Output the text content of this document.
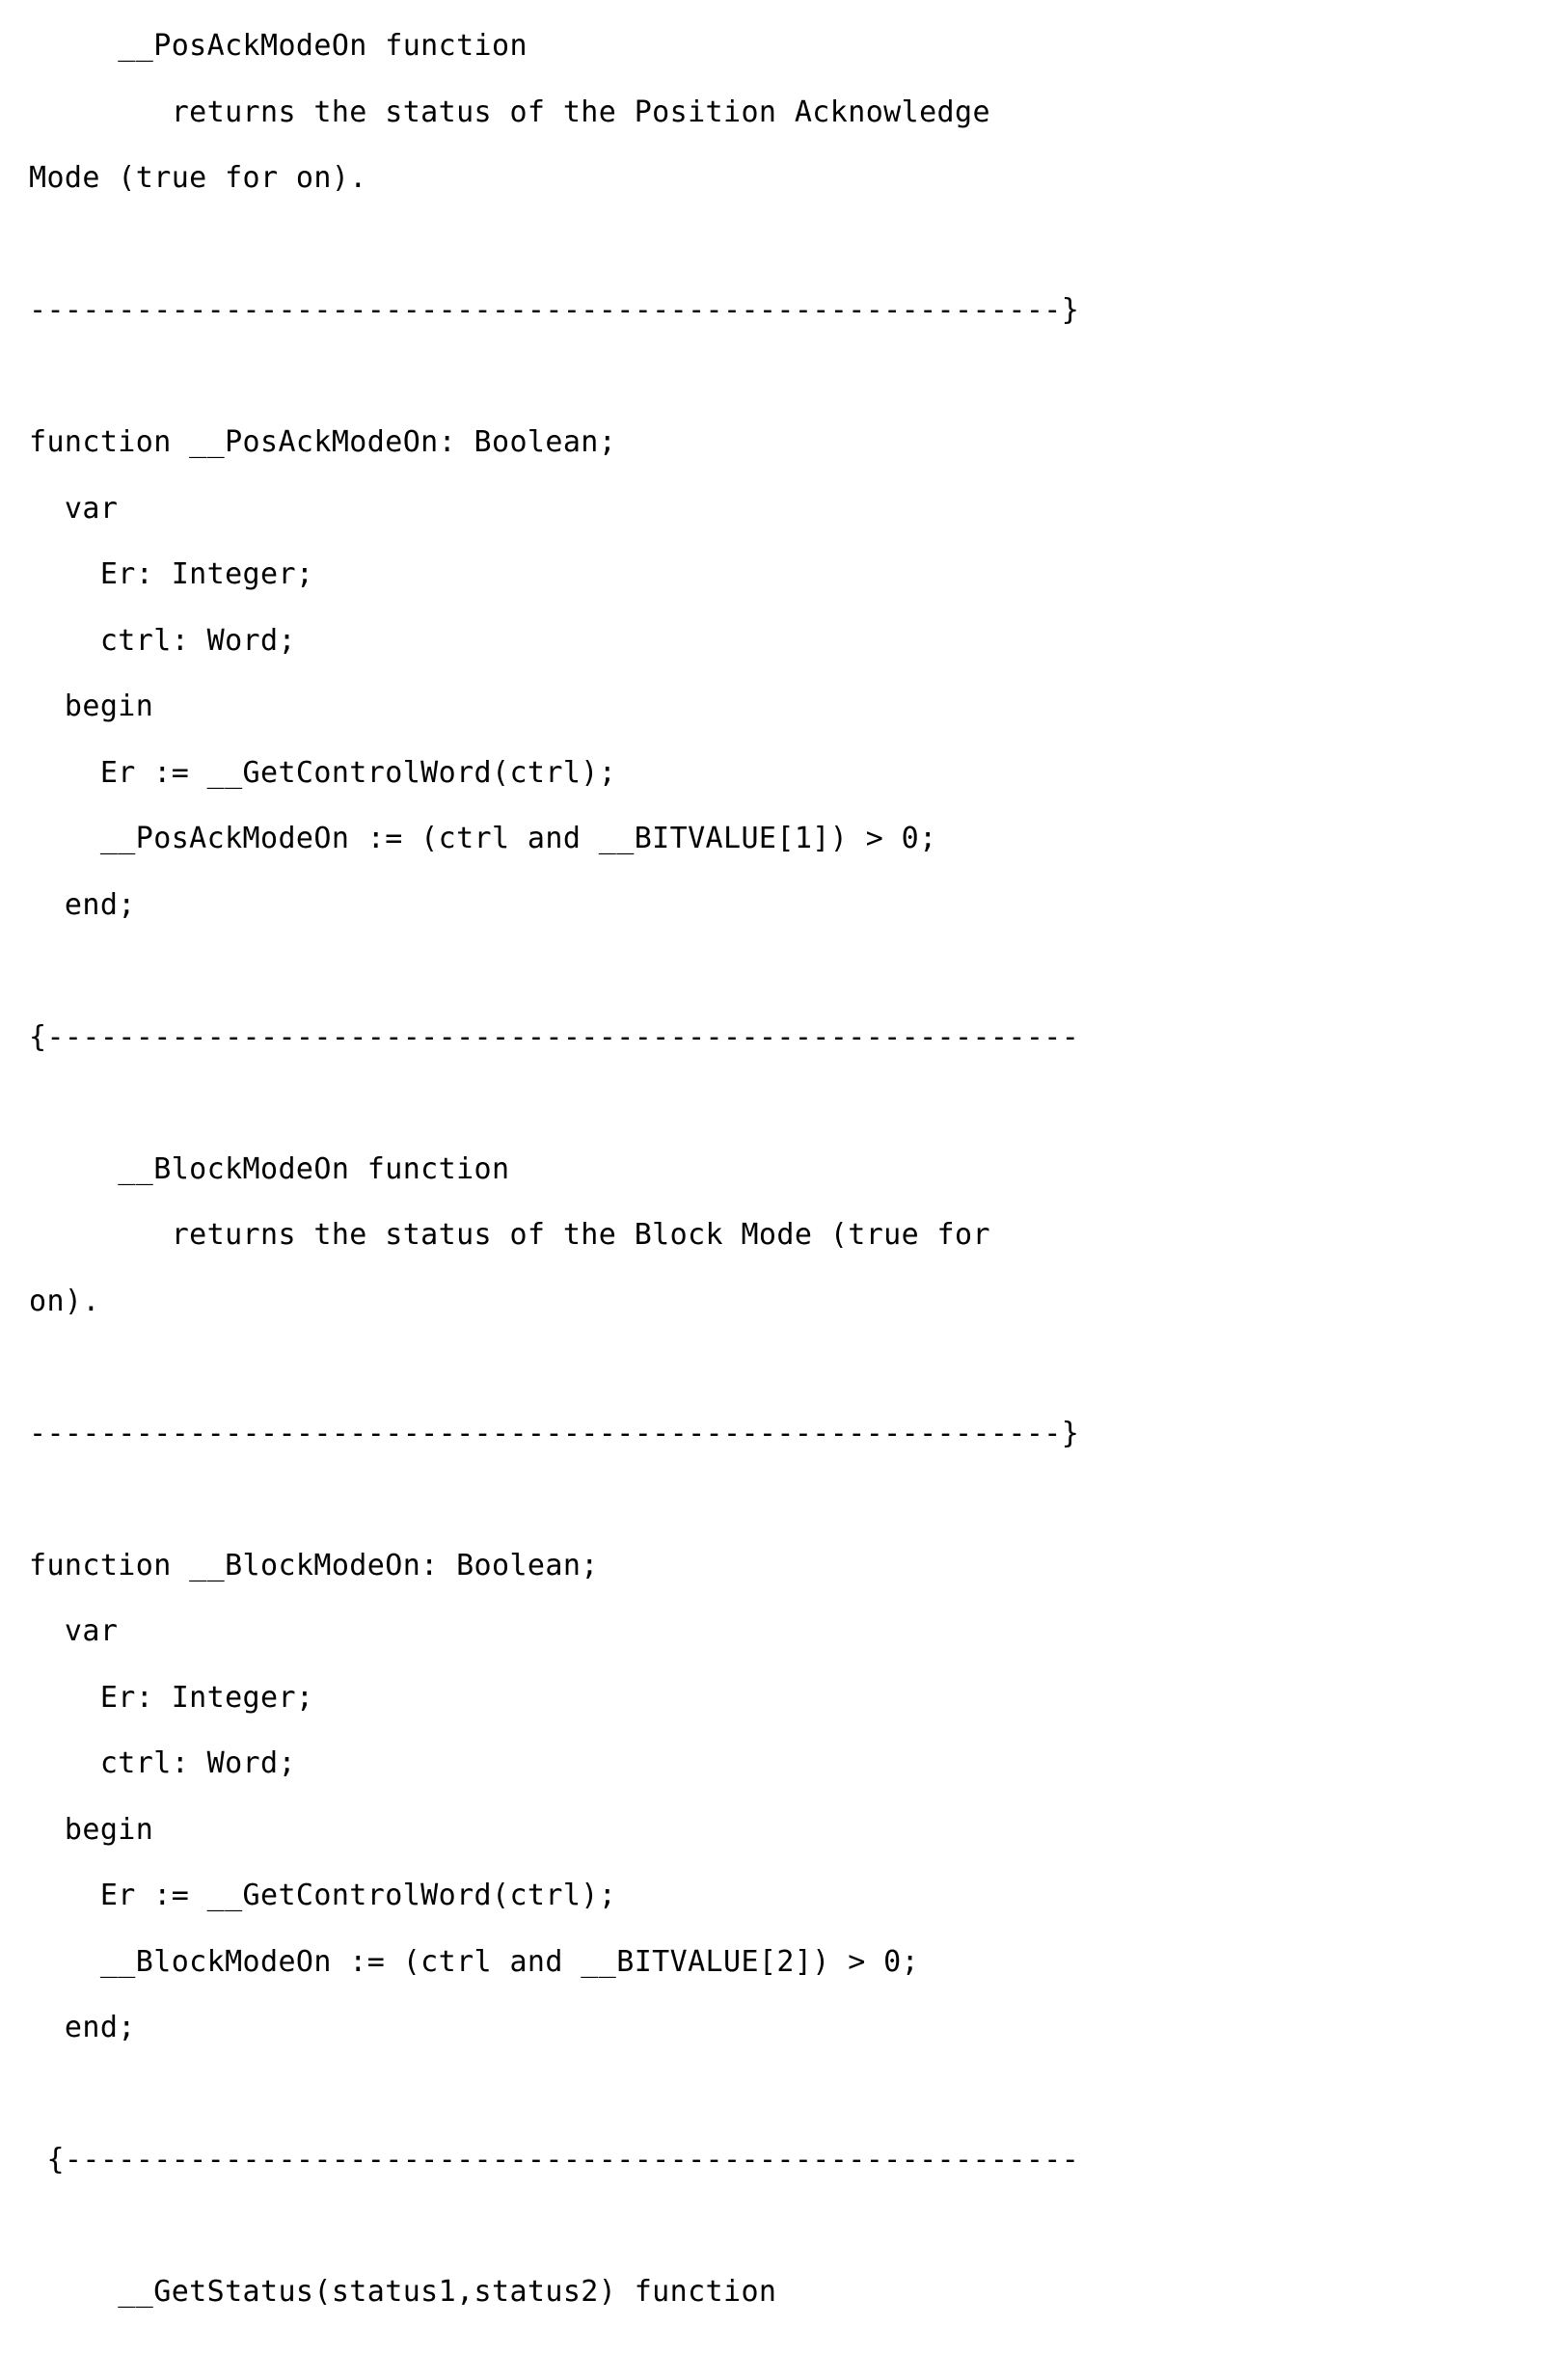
__PosAckModeOn function
returns the status of the Position Acknowledge
Mode (true for on).

----------------------------------------------------------}

function __PosAckModeOn: Boolean;
var
Er: Integer;
ctrl: Word;
begin
Er := __GetControlWord(ctrl);
__PosAckModeOn := (ctrl and __BITVALUE[1]) > 0;
end;

{----------------------------------------------------------

__BlockModeOn function
returns the status of the Block Mode (true for
on).

----------------------------------------------------------}

function __BlockModeOn: Boolean;
var
Er: Integer;
ctrl: Word;
begin
Er := __GetControlWord(ctrl);
__BlockModeOn := (ctrl and __BITVALUE[2]) > 0;
end;

{---------------------------------------------------------

__GetStatus(status1,status2) function
